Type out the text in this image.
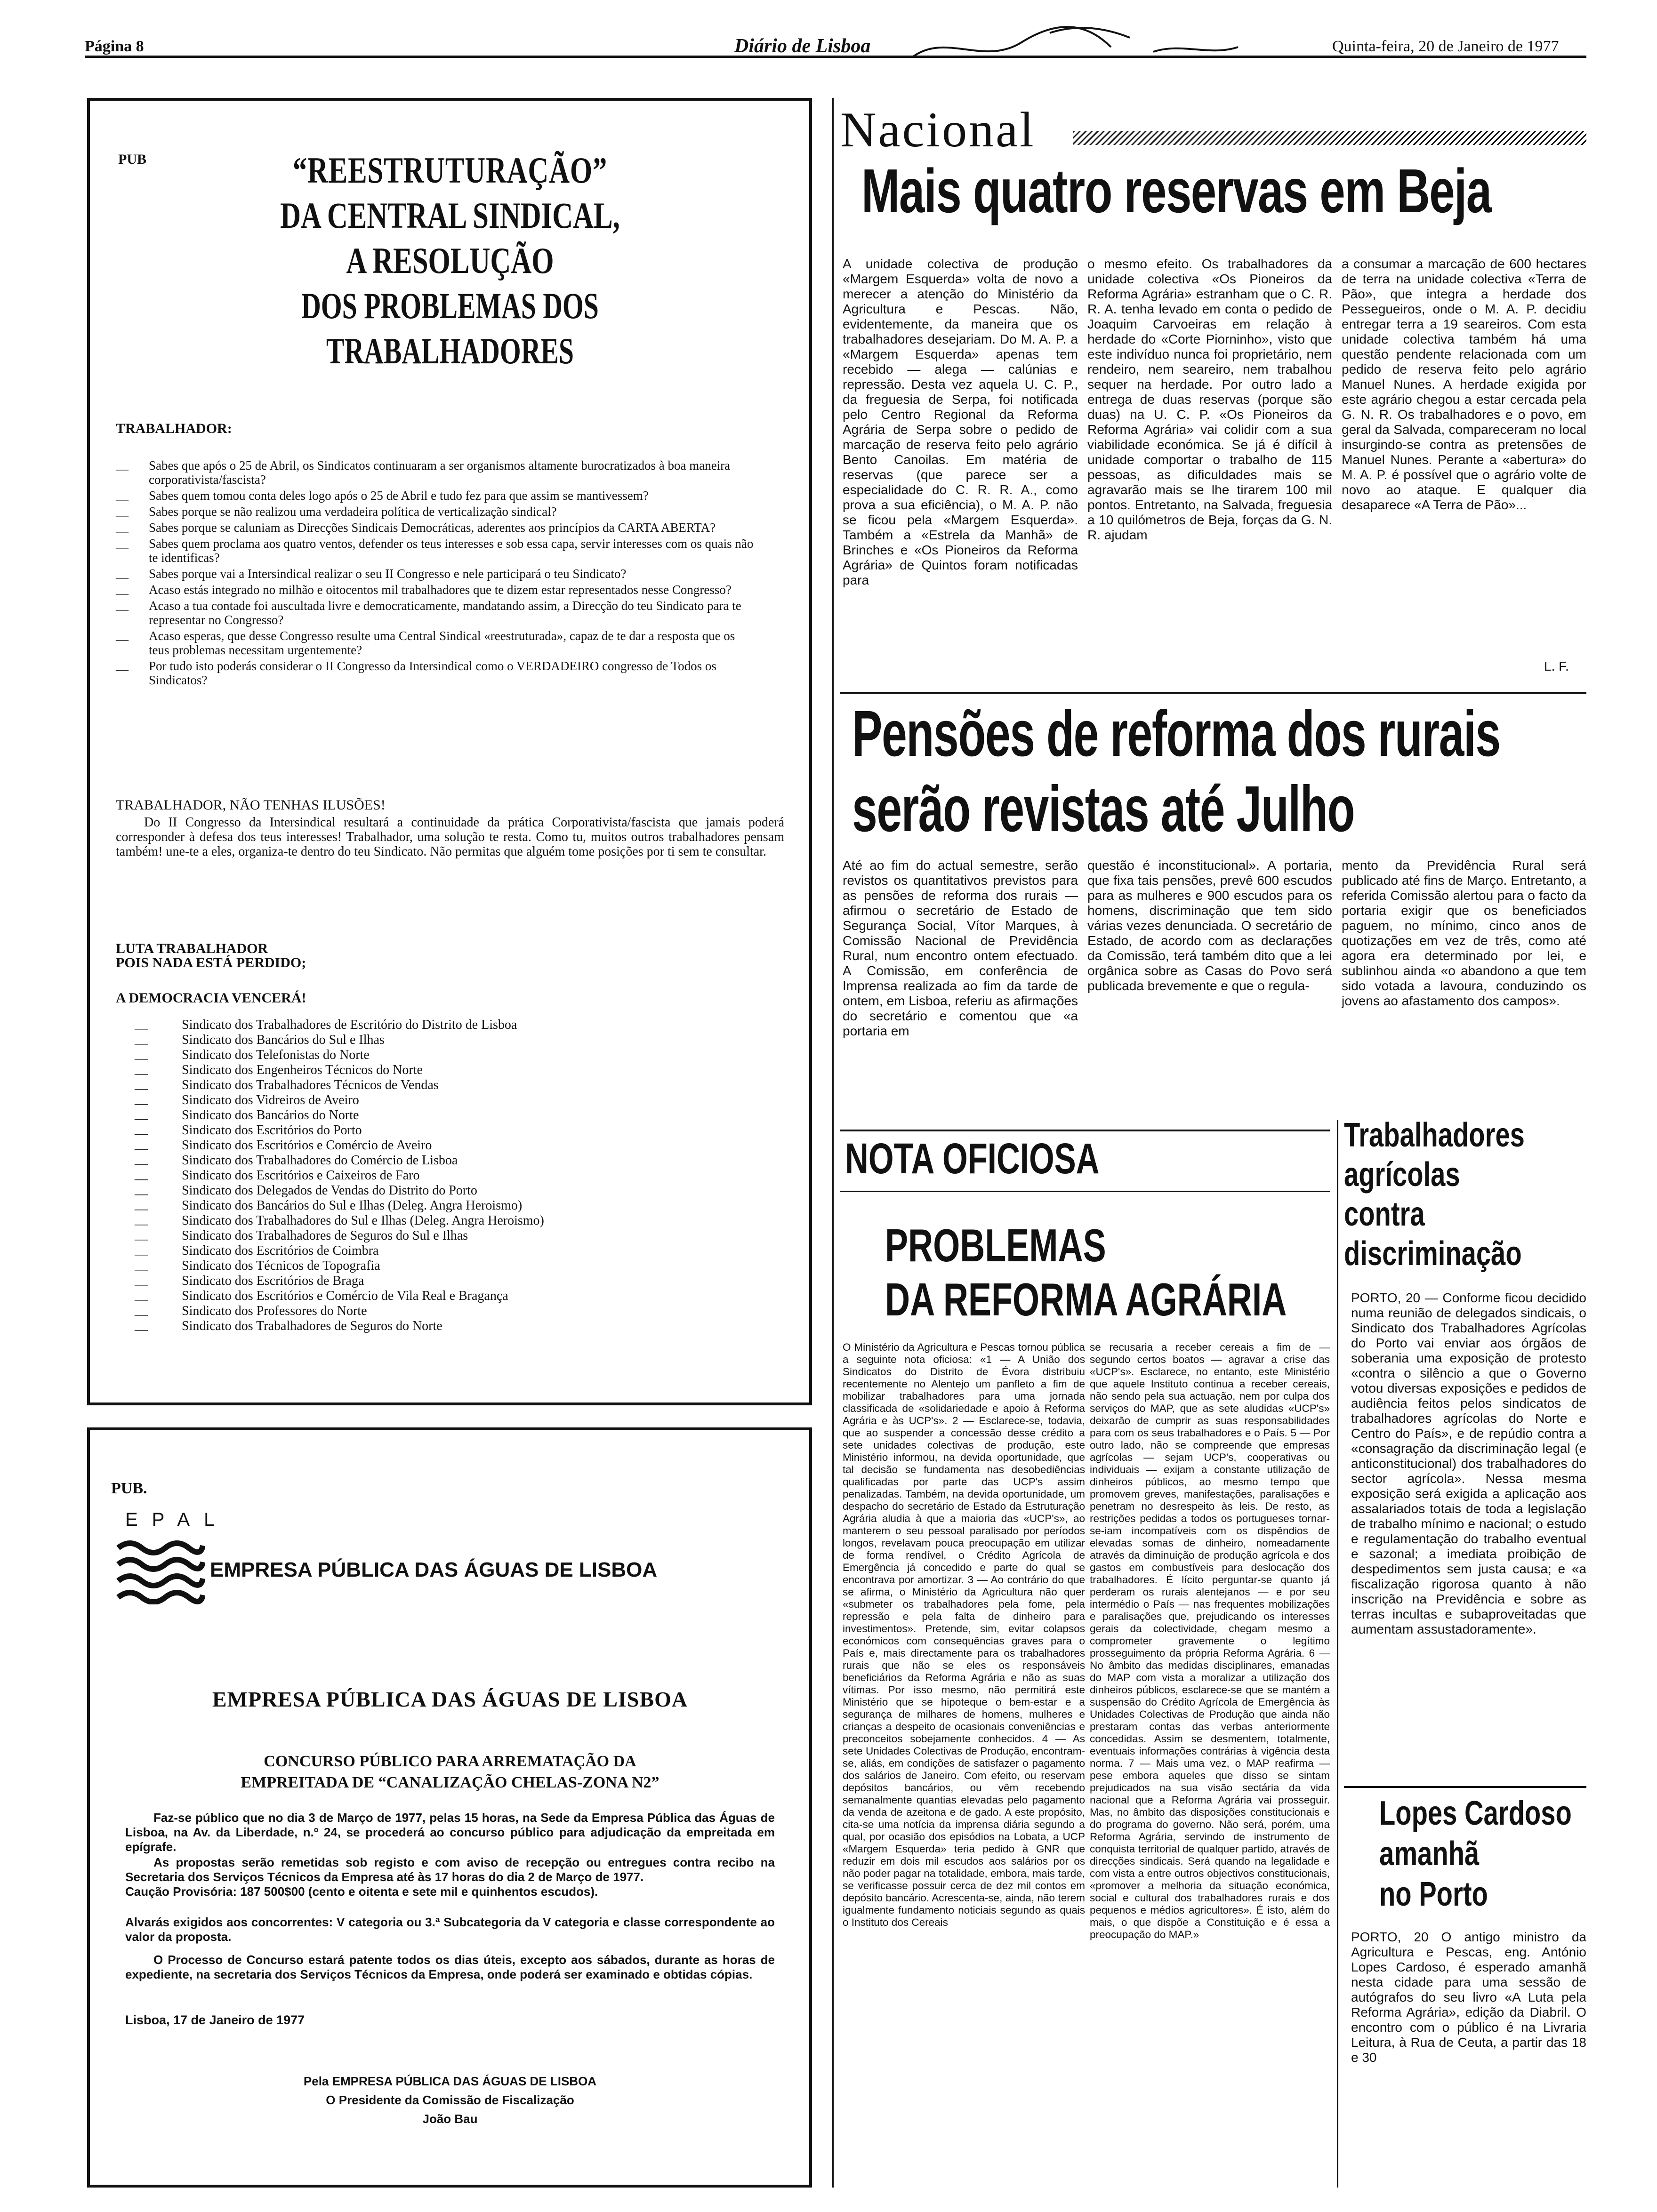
Página 8	Diário de Lisboa	Quinta-feira, 20 de Janeiro de 1977
PUB	“REESTRUTURAÇÃO”
DA CENTRAL SINDICAL,
A RESOLUÇÃO
DOS PROBLEMAS DOS TRABALHADORES
TRABALHADOR:
__ Sabes que após o 25 de Abril, os Sindicatos continuaram a ser organismos altamente burocratizados à boa maneira corporativista/fascista?
__ Sabes quem tomou conta deles logo após o 25 de Abril e tudo fez para que assim se mantivessem?
__ Sabes porque se não realizou uma verdadeira política de verticalização sindical?
__ Sabes porque se caluniam as Direcções Sindicais Democráticas, aderentes aos princípios da CARTA ABERTA?
__ Sabes quem proclama aos quatro ventos, defender os teus interesses e sob essa capa, servir interesses com os quais não te identificas?
__ Sabes porque vai a Intersindical realizar o seu II Congresso e nele participará o teu Sindicato?
__ Acaso estás integrado no milhão e oitocentos mil trabalhadores que te dizem estar representados nesse Congresso?
__ Acaso a tua contade foi auscultada livre e democraticamente, mandatando assim, a Direcção do teu Sindicato para te representar no Congresso?
__ Acaso esperas, que desse Congresso resulte uma Central Sindical «reestruturada», capaz de te dar a resposta que os teus problemas necessitam urgentemente?
__ Por tudo isto poderás considerar o II Congresso da Intersindical como o VERDADEIRO congresso de Todos os Sindicatos?
TRABALHADOR, NÃO TENHAS ILUSÕES!
Do II Congresso da Intersindical resultará a continuidade da prática Corporativista/fascista que jamais poderá corresponder à defesa dos teus interesses! Trabalhador, uma solução te resta. Como tu, muitos outros trabalhadores pensam também! une-te a eles, organiza-te dentro do teu Sindicato. Não permitas que alguém tome posições por ti sem te consultar.
LUTA TRABALHADOR
POIS NADA ESTÁ PERDIDO;
A DEMOCRACIA VENCERÁ!
__ Sindicato dos Trabalhadores de Escritório do Distrito de Lisboa
__ Sindicato dos Bancários do Sul e Ilhas
__ Sindicato dos Telefonistas do Norte
__ Sindicato dos Engenheiros Técnicos do Norte
__ Sindicato dos Trabalhadores Técnicos de Vendas
__ Sindicato dos Vidreiros de Aveiro
__ Sindicato dos Bancários do Norte
__ Sindicato dos Escritórios do Porto
__ Sindicato dos Escritórios e Comércio de Aveiro
__ Sindicato dos Trabalhadores do Comércio de Lisboa
__ Sindicato dos Escritórios e Caixeiros de Faro
__ Sindicato dos Delegados de Vendas do Distrito do Porto
__ Sindicato dos Bancários do Sul e Ilhas (Deleg. Angra Heroismo)
__ Sindicato dos Trabalhadores do Sul e Ilhas (Deleg. Angra Heroismo)
__ Sindicato dos Trabalhadores de Seguros do Sul e Ilhas
__ Sindicato dos Escritórios de Coimbra
__ Sindicato dos Técnicos de Topografia
__ Sindicato dos Escritórios de Braga
__ Sindicato dos Escritórios e Comércio de Vila Real e Bragança
__ Sindicato dos Professores do Norte
__ Sindicato dos Trabalhadores de Seguros do Norte
PUB.
EPAL
EMPRESA PÚBLICA DAS ÁGUAS DE LISBOA
EMPRESA PÚBLICA DAS ÁGUAS DE LISBOA
CONCURSO PÚBLICO PARA ARREMATAÇÃO DA
EMPREITADA DE “CANALIZAÇÃO CHELAS-ZONA N2”
Faz-se público que no dia 3 de Março de 1977, pelas 15 horas, na Sede da Empresa Pública das Águas de Lisboa, na Av. da Liberdade, n.º 24, se procederá ao concurso público para adjudicação da empreitada em epígrafe.
As propostas serão remetidas sob registo e com aviso de recepção ou entregues contra recibo na Secretaria dos Serviços Técnicos da Empresa até às 17 horas do dia 2 de Março de 1977.
Caução Provisória: 187 500$00 (cento e oitenta e sete mil e quinhentos escudos).
Alvarás exigidos aos concorrentes: V categoria ou 3.ª Subcategoria da V categoria e classe correspondente ao valor da proposta.
O Processo de Concurso estará patente todos os dias úteis, excepto aos sábados, durante as horas de expediente, na secretaria dos Serviços Técnicos da Empresa, onde poderá ser examinado e obtidas cópias.
Lisboa, 17 de Janeiro de 1977
Pela EMPRESA PÚBLICA DAS ÁGUAS DE LISBOA
O Presidente da Comissão de Fiscalização
João Bau
Nacional
Mais quatro reservas em Beja
A unidade colectiva de produção «Margem Esquerda» volta de novo a merecer a atenção do Ministério da Agricultura e Pescas. Não, evidentemente, da maneira que os trabalhadores desejariam. Do M. A. P. a «Margem Esquerda» apenas tem recebido — alega — calúnias e repressão. Desta vez aquela U. C. P., da freguesia de Serpa, foi notificada pelo Centro Regional da Reforma Agrária de Serpa sobre o pedido de marcação de reserva feito pelo agrário Bento Canoilas. Em matéria de reservas (que parece ser a especialidade do C. R. R. A., como prova a sua eficiência), o M. A. P. não se ficou pela «Margem Esquerda». Também a «Estrela da Manhã» de Brinches e «Os Pioneiros da Reforma Agrária» de Quintos foram notificadas para
o mesmo efeito. Os trabalhadores da unidade colectiva «Os Pioneiros da Reforma Agrária» estranham que o C. R. R. A. tenha levado em conta o pedido de Joaquim Carvoeiras em relação à herdade do «Corte Piorninho», visto que este indivíduo nunca foi proprietário, nem rendeiro, nem seareiro, nem trabalhou sequer na herdade. Por outro lado a entrega de duas reservas (porque são duas) na U. C. P. «Os Pioneiros da Reforma Agrária» vai colidir com a sua viabilidade económica. Se já é difícil à unidade comportar o trabalho de 115 pessoas, as dificuldades mais se agravarão mais se lhe tirarem 100 mil pontos. Entretanto, na Salvada, freguesia a 10 quilómetros de Beja, forças da G. N. R. ajudam
a consumar a marcação de 600 hectares de terra na unidade colectiva «Terra de Pão», que integra a herdade dos Pessegueiros, onde o M. A. P. decidiu entregar terra a 19 seareiros. Com esta unidade colectiva também há uma questão pendente relacionada com um pedido de reserva feito pelo agrário Manuel Nunes. A herdade exigida por este agrário chegou a estar cercada pela G. N. R. Os trabalhadores e o povo, em geral da Salvada, compareceram no local insurgindo-se contra as pretensões de Manuel Nunes. Perante a «abertura» do M. A. P. é possível que o agrário volte de novo ao ataque. E qualquer dia desaparece «A Terra de Pão»...
L. F.
Pensões de reforma dos rurais
serão revistas até Julho
Até ao fim do actual semestre, serão revistos os quantitativos previstos para as pensões de reforma dos rurais — afirmou o secretário de Estado de Segurança Social, Vítor Marques, à Comissão Nacional de Previdência Rural, num encontro ontem efectuado. A Comissão, em conferência de Imprensa realizada ao fim da tarde de ontem, em Lisboa, referiu as afirmações do secretário e comentou que «a portaria em
questão é inconstitucional». A portaria, que fixa tais pensões, prevê 600 escudos para as mulheres e 900 escudos para os homens, discriminação que tem sido várias vezes denunciada. O secretário de Estado, de acordo com as declarações da Comissão, terá também dito que a lei orgânica sobre as Casas do Povo será publicada brevemente e que o regula-
mento da Previdência Rural será publicado até fins de Março. Entretanto, a referida Comissão alertou para o facto da portaria exigir que os beneficiados paguem, no mínimo, cinco anos de quotizações em vez de três, como até agora era determinado por lei, e sublinhou ainda «o abandono a que tem sido votada a lavoura, conduzindo os jovens ao afastamento dos campos».
NOTA OFICIOSA
PROBLEMAS
DA REFORMA AGRÁRIA
O Ministério da Agricultura e Pescas tornou pública a seguinte nota oficiosa: «1 — A União dos Sindicatos do Distrito de Évora distribuiu recentemente no Alentejo um panfleto a fim de mobilizar trabalhadores para uma jornada classificada de «solidariedade e apoio à Reforma Agrária e às UCP's». 2 — Esclarece-se, todavia, que ao suspender a concessão desse crédito a sete unidades colectivas de produção, este Ministério informou, na devida oportunidade, que tal decisão se fundamenta nas desobediências qualificadas por parte das UCP's assim penalizadas. Também, na devida oportunidade, um despacho do secretário de Estado da Estruturação Agrária aludia à que a maioria das «UCP's», ao manterem o seu pessoal paralisado por períodos longos, revelavam pouca preocupação em utilizar de forma rendível, o Crédito Agrícola de Emergência já concedido e parte do qual se encontrava por amortizar. 3 — Ao contrário do que se afirma, o Ministério da Agricultura não quer «submeter os trabalhadores pela fome, pela repressão e pela falta de dinheiro para investimentos». Pretende, sim, evitar colapsos económicos com consequências graves para o País e, mais directamente para os trabalhadores rurais que não se eles os responsáveis beneficiários da Reforma Agrária e não as suas vítimas. Por isso mesmo, não permitirá este Ministério que se hipoteque o bem-estar e a segurança de milhares de homens, mulheres e crianças a despeito de ocasionais conveniências e preconceitos sobejamente conhecidos. 4 — As sete Unidades Colectivas de Produção, encontram-se, aliás, em condições de satisfazer o pagamento dos salários de Janeiro. Com efeito, ou reservam depósitos bancários, ou vêm recebendo semanalmente quantias elevadas pelo pagamento da venda de azeitona e de gado. A este propósito, cita-se uma notícia da imprensa diária segundo a qual, por ocasião dos episódios na Lobata, a UCP «Margem Esquerda» teria pedido à GNR que reduzir em dois mil escudos aos salários por os não poder pagar na totalidade, embora, mais tarde, se verificasse possuir cerca de dez mil contos em depósito bancário. Acrescenta-se, ainda, não terem igualmente fundamento noticiais segundo as quais o Instituto dos Cereais
se recusaria a receber cereais a fim de — segundo certos boatos — agravar a crise das «UCP's». Esclarece, no entanto, este Ministério que aquele Instituto continua a receber cereais, não sendo pela sua actuação, nem por culpa dos serviços do MAP, que as sete aludidas «UCP's» deixarão de cumprir as suas responsabilidades para com os seus trabalhadores e o País. 5 — Por outro lado, não se compreende que empresas agrícolas — sejam UCP's, cooperativas ou individuais — exijam a constante utilização de dinheiros públicos, ao mesmo tempo que promovem greves, manifestações, paralisações e penetram no desrespeito às leis. De resto, as restrições pedidas a todos os portugueses tornar-se-iam incompatíveis com os dispêndios de elevadas somas de dinheiro, nomeadamente através da diminuição de produção agrícola e dos gastos em combustíveis para deslocação dos trabalhadores. É lícito perguntar-se quanto já perderam os rurais alentejanos — e por seu intermédio o País — nas frequentes mobilizações e paralisações que, prejudicando os interesses gerais da colectividade, chegam mesmo a comprometer gravemente o legítimo prosseguimento da própria Reforma Agrária. 6 — No âmbito das medidas disciplinares, emanadas do MAP com vista a moralizar a utilização dos dinheiros públicos, esclarece-se que se mantém a suspensão do Crédito Agrícola de Emergência às Unidades Colectivas de Produção que ainda não prestaram contas das verbas anteriormente concedidas. Assim se desmentem, totalmente, eventuais informações contrárias à vigência desta norma. 7 — Mais uma vez, o MAP reafirma — pese embora aqueles que disso se sintam prejudicados na sua visão sectária da vida nacional que a Reforma Agrária vai prosseguir. Mas, no âmbito das disposições constitucionais e do programa do governo. Não será, porém, uma Reforma Agrária, servindo de instrumento de conquista territorial de qualquer partido, através de direcções sindicais. Será quando na legalidade e com vista a entre outros objectivos constitucionais, «promover a melhoria da situação económica, social e cultural dos trabalhadores rurais e dos pequenos e médios agricultores». É isto, além do mais, o que dispõe a Constituição e é essa a preocupação do MAP.»
Trabalhadores
agrícolas
contra
discriminação
PORTO, 20 — Conforme ficou decidido numa reunião de delegados sindicais, o Sindicato dos Trabalhadores Agrícolas do Porto vai enviar aos órgãos de soberania uma exposição de protesto «contra o silêncio a que o Governo votou diversas exposições e pedidos de audiência feitos pelos sindicatos de trabalhadores agrícolas do Norte e Centro do País», e de repúdio contra a «consagração da discriminação legal (e anticonstitucional) dos trabalhadores do sector agrícola». Nessa mesma exposição será exigida a aplicação aos assalariados totais de toda a legislação de trabalho mínimo e nacional; o estudo e regulamentação do trabalho eventual e sazonal; a imediata proibição de despedimentos sem justa causa; e «a fiscalização rigorosa quanto à não inscrição na Previdência e sobre as terras incultas e subaproveitadas que aumentam assustadoramente».
Lopes Cardoso
amanhã
no Porto
PORTO, 20 O antigo ministro da Agricultura e Pescas, eng. António Lopes Cardoso, é esperado amanhã nesta cidade para uma sessão de autógrafos do seu livro «A Luta pela Reforma Agrária», edição da Diabril. O encontro com o público é na Livraria Leitura, à Rua de Ceuta, a partir das 18 e 30
